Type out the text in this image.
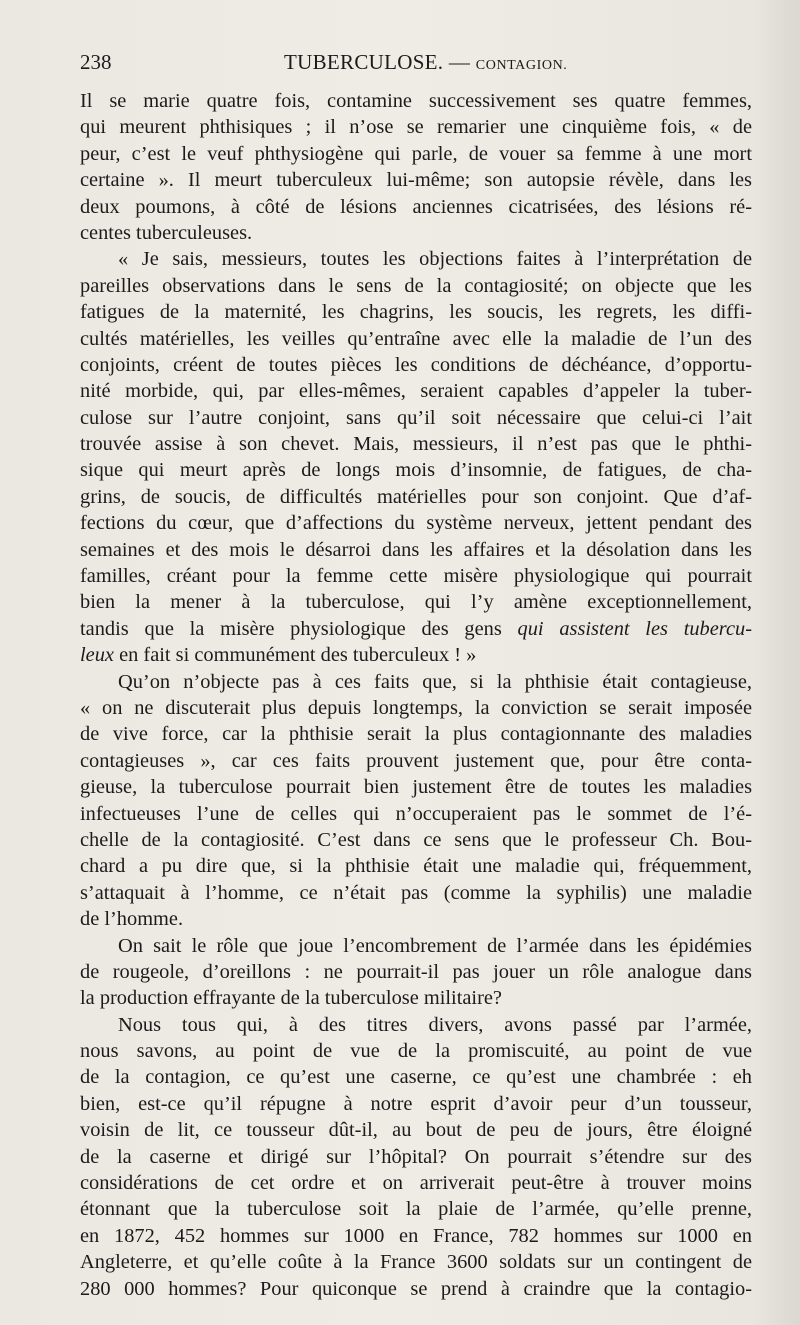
238	TUBERCULOSE. — CONTAGION.
Il se marie quatre fois, contamine successivement ses quatre femmes,
qui meurent phthisiques ; il n’ose se remarier une cinquième fois, « de
peur, c’est le veuf phthysiogène qui parle, de vouer sa femme à une mort
certaine ». Il meurt tuberculeux lui-même; son autopsie révèle, dans les
deux poumons, à côté de lésions anciennes cicatrisées, des lésions ré-
centes tuberculeuses.
« Je sais, messieurs, toutes les objections faites à l’interprétation de
pareilles observations dans le sens de la contagiosité; on objecte que les
fatigues de la maternité, les chagrins, les soucis, les regrets, les diffi-
cultés matérielles, les veilles qu’entraîne avec elle la maladie de l’un des
conjoints, créent de toutes pièces les conditions de déchéance, d’opportu-
nité morbide, qui, par elles-mêmes, seraient capables d’appeler la tuber-
culose sur l’autre conjoint, sans qu’il soit nécessaire que celui-ci l’ait
trouvée assise à son chevet. Mais, messieurs, il n’est pas que le phthi-
sique qui meurt après de longs mois d’insomnie, de fatigues, de cha-
grins, de soucis, de difficultés matérielles pour son conjoint. Que d’af-
fections du cœur, que d’affections du système nerveux, jettent pendant des
semaines et des mois le désarroi dans les affaires et la désolation dans les
familles, créant pour la femme cette misère physiologique qui pourrait
bien la mener à la tuberculose, qui l’y amène exceptionnellement,
tandis que la misère physiologique des gens qui assistent les tubercu-
leux en fait si communément des tuberculeux ! »
Qu’on n’objecte pas à ces faits que, si la phthisie était contagieuse,
« on ne discuterait plus depuis longtemps, la conviction se serait imposée
de vive force, car la phthisie serait la plus contagionnante des maladies
contagieuses », car ces faits prouvent justement que, pour être conta-
gieuse, la tuberculose pourrait bien justement être de toutes les maladies
infectueuses l’une de celles qui n’occuperaient pas le sommet de l’é-
chelle de la contagiosité. C’est dans ce sens que le professeur Ch. Bou-
chard a pu dire que, si la phthisie était une maladie qui, fréquemment,
s’attaquait à l’homme, ce n’était pas (comme la syphilis) une maladie
de l’homme.
On sait le rôle que joue l’encombrement de l’armée dans les épidémies
de rougeole, d’oreillons : ne pourrait-il pas jouer un rôle analogue dans
la production effrayante de la tuberculose militaire?
Nous tous qui, à des titres divers, avons passé par l’armée,
nous savons, au point de vue de la promiscuité, au point de vue
de la contagion, ce qu’est une caserne, ce qu’est une chambrée : eh
bien, est-ce qu’il répugne à notre esprit d’avoir peur d’un tousseur,
voisin de lit, ce tousseur dût-il, au bout de peu de jours, être éloigné
de la caserne et dirigé sur l’hôpital? On pourrait s’étendre sur des
considérations de cet ordre et on arriverait peut-être à trouver moins
étonnant que la tuberculose soit la plaie de l’armée, qu’elle prenne,
en 1872, 452 hommes sur 1000 en France, 782 hommes sur 1000 en
Angleterre, et qu’elle coûte à la France 3600 soldats sur un contingent de
280 000 hommes? Pour quiconque se prend à craindre que la contagio-
